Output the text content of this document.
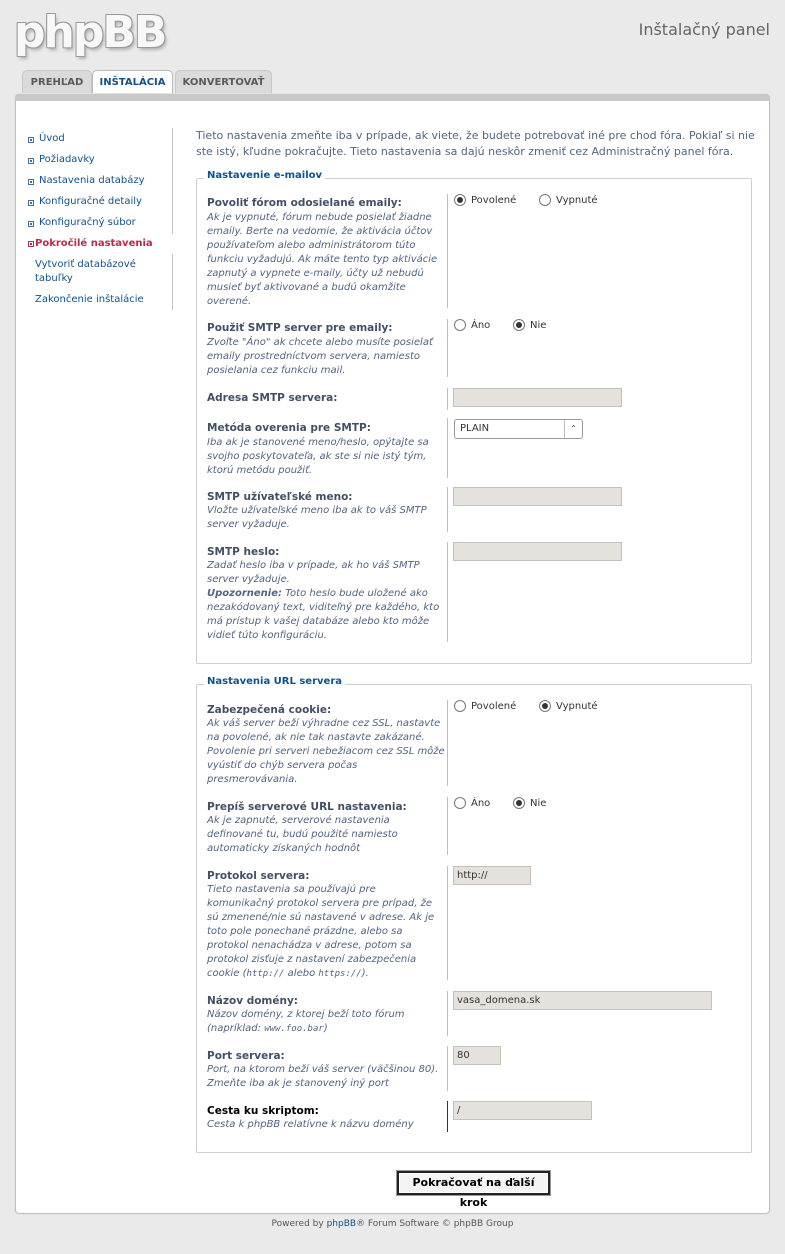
phpBB	Inštalačný panel
PREHĽAD	INŠTALÁCIA	KONVERTOVAŤ
Úvod
Požiadavky
Nastavenia databázy
Konfiguračné detaily
Konfiguračný súbor
Pokročilé nastavenia
Vytvoriť databázové tabuľky
Zakončenie inštalácie
Tieto nastavenia zmeňte iba v prípade, ak viete, že budete potrebovať iné pre chod fóra. Pokiaľ si nie ste istý, kľudne pokračujte. Tieto nastavenia sa dajú neskôr zmeniť cez Administračný panel fóra.
Nastavenie e-mailov
Povoliť fórom odosielané emaily:
Ak je vypnuté, fórum nebude posielať žiadne emaily. Berte na vedomie, že aktivácia účtov používateľom alebo administrátorom túto funkciu vyžadujú. Ak máte tento typ aktivácie zapnutý a vypnete e-maily, účty už nebudú musieť byť aktivované a budú okamžite overené.
Povolené	Vypnuté
Použiť SMTP server pre emaily:
Zvoľte "Áno" ak chcete alebo musíte posielať emaily prostredníctvom servera, namiesto posielania cez funkciu mail.
Áno	Nie
Adresa SMTP servera:
Metóda overenia pre SMTP:
Iba ak je stanovené meno/heslo, opýtajte sa svojho poskytovateľa, ak ste si nie istý tým, ktorú metódu použiť.
PLAIN	⌃

SMTP užívateľské meno:
Vložte užívateľské meno iba ak to váš SMTP server vyžaduje.
SMTP heslo:
Zadať heslo iba v prípade, ak ho váš SMTP server vyžaduje.
Upozornenie: Toto heslo bude uložené ako nezakódovaný text, viditeľný pre každého, kto má prístup k vašej databáze alebo kto môže vidieť túto konfiguráciu.
Nastavenia URL servera
Zabezpečená cookie:
Ak váš server beží výhradne cez SSL, nastavte na povolené, ak nie tak nastavte zakázané. Povolenie pri serveri nebežiacom cez SSL môže vyústiť do chýb servera počas presmerovávania.
Povolené	Vypnuté
Prepíš serverové URL nastavenia:
Ak je zapnuté, serverové nastavenia definované tu, budú použité namiesto automaticky získaných hodnôt
Áno	Nie
Protokol servera:
Tieto nastavenia sa používajú pre komunikačný protokol servera pre prípad, že sú zmenené/nie sú nastavené v adrese. Ak je toto pole ponechané prázdne, alebo sa protokol nenachádza v adrese, potom sa protokol zisťuje z nastavení zabezpečenia cookie (http:// alebo https://).
http://
Názov domény:
Názov domény, z ktorej beží toto fórum (napríklad: www.foo.bar)
vasa_domena.sk
Port servera:
Port, na ktorom beží váš server (väčšinou 80). Zmeňte iba ak je stanovený iný port
80
Cesta ku skriptom:
Cesta k phpBB relatívne k názvu domény
/
Pokračovať na ďalší krok
Powered by phpBB® Forum Software © phpBB Group
